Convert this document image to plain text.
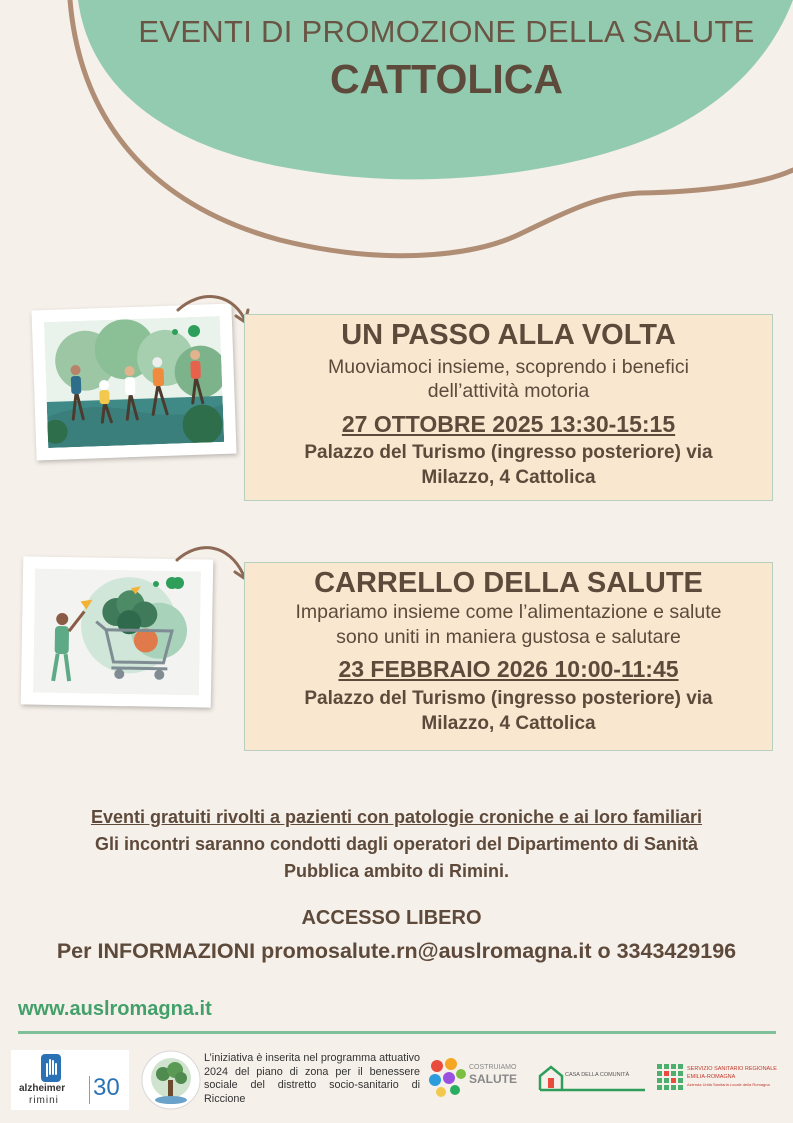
EVENTI DI PROMOZIONE DELLA SALUTE
CATTOLICA
UN PASSO ALLA VOLTA
Muoviamoci insieme, scoprendo i benefici
dell’attività motoria
27 OTTOBRE 2025 13:30-15:15
Palazzo del Turismo (ingresso posteriore) via
Milazzo, 4 Cattolica
CARRELLO DELLA SALUTE
Impariamo insieme come l’alimentazione e salute
sono uniti in maniera gustosa e salutare
23 FEBBRAIO 2026 10:00-11:45
Palazzo del Turismo (ingresso posteriore) via
Milazzo, 4 Cattolica
Eventi gratuiti rivolti a pazienti con patologie croniche e ai loro familiari
Gli incontri saranno condotti dagli operatori del Dipartimento di Sanità
Pubblica ambito di Rimini.
ACCESSO LIBERO
Per INFORMAZIONI promosalute.rn@auslromagna.it o 3343429196
www.auslromagna.it
alzheimer
rimini 30
L’iniziativa è inserita nel programma attuativo 2024 del piano di zona per il benessere sociale del distretto socio-sanitario di Riccione
COSTRUIAMO
SALUTE	CASA DELLA COMUNITÀ
SERVIZIO SANITARIO REGIONALE
EMILIA-ROMAGNA
Azienda Unità Sanitaria Locale della Romagna
